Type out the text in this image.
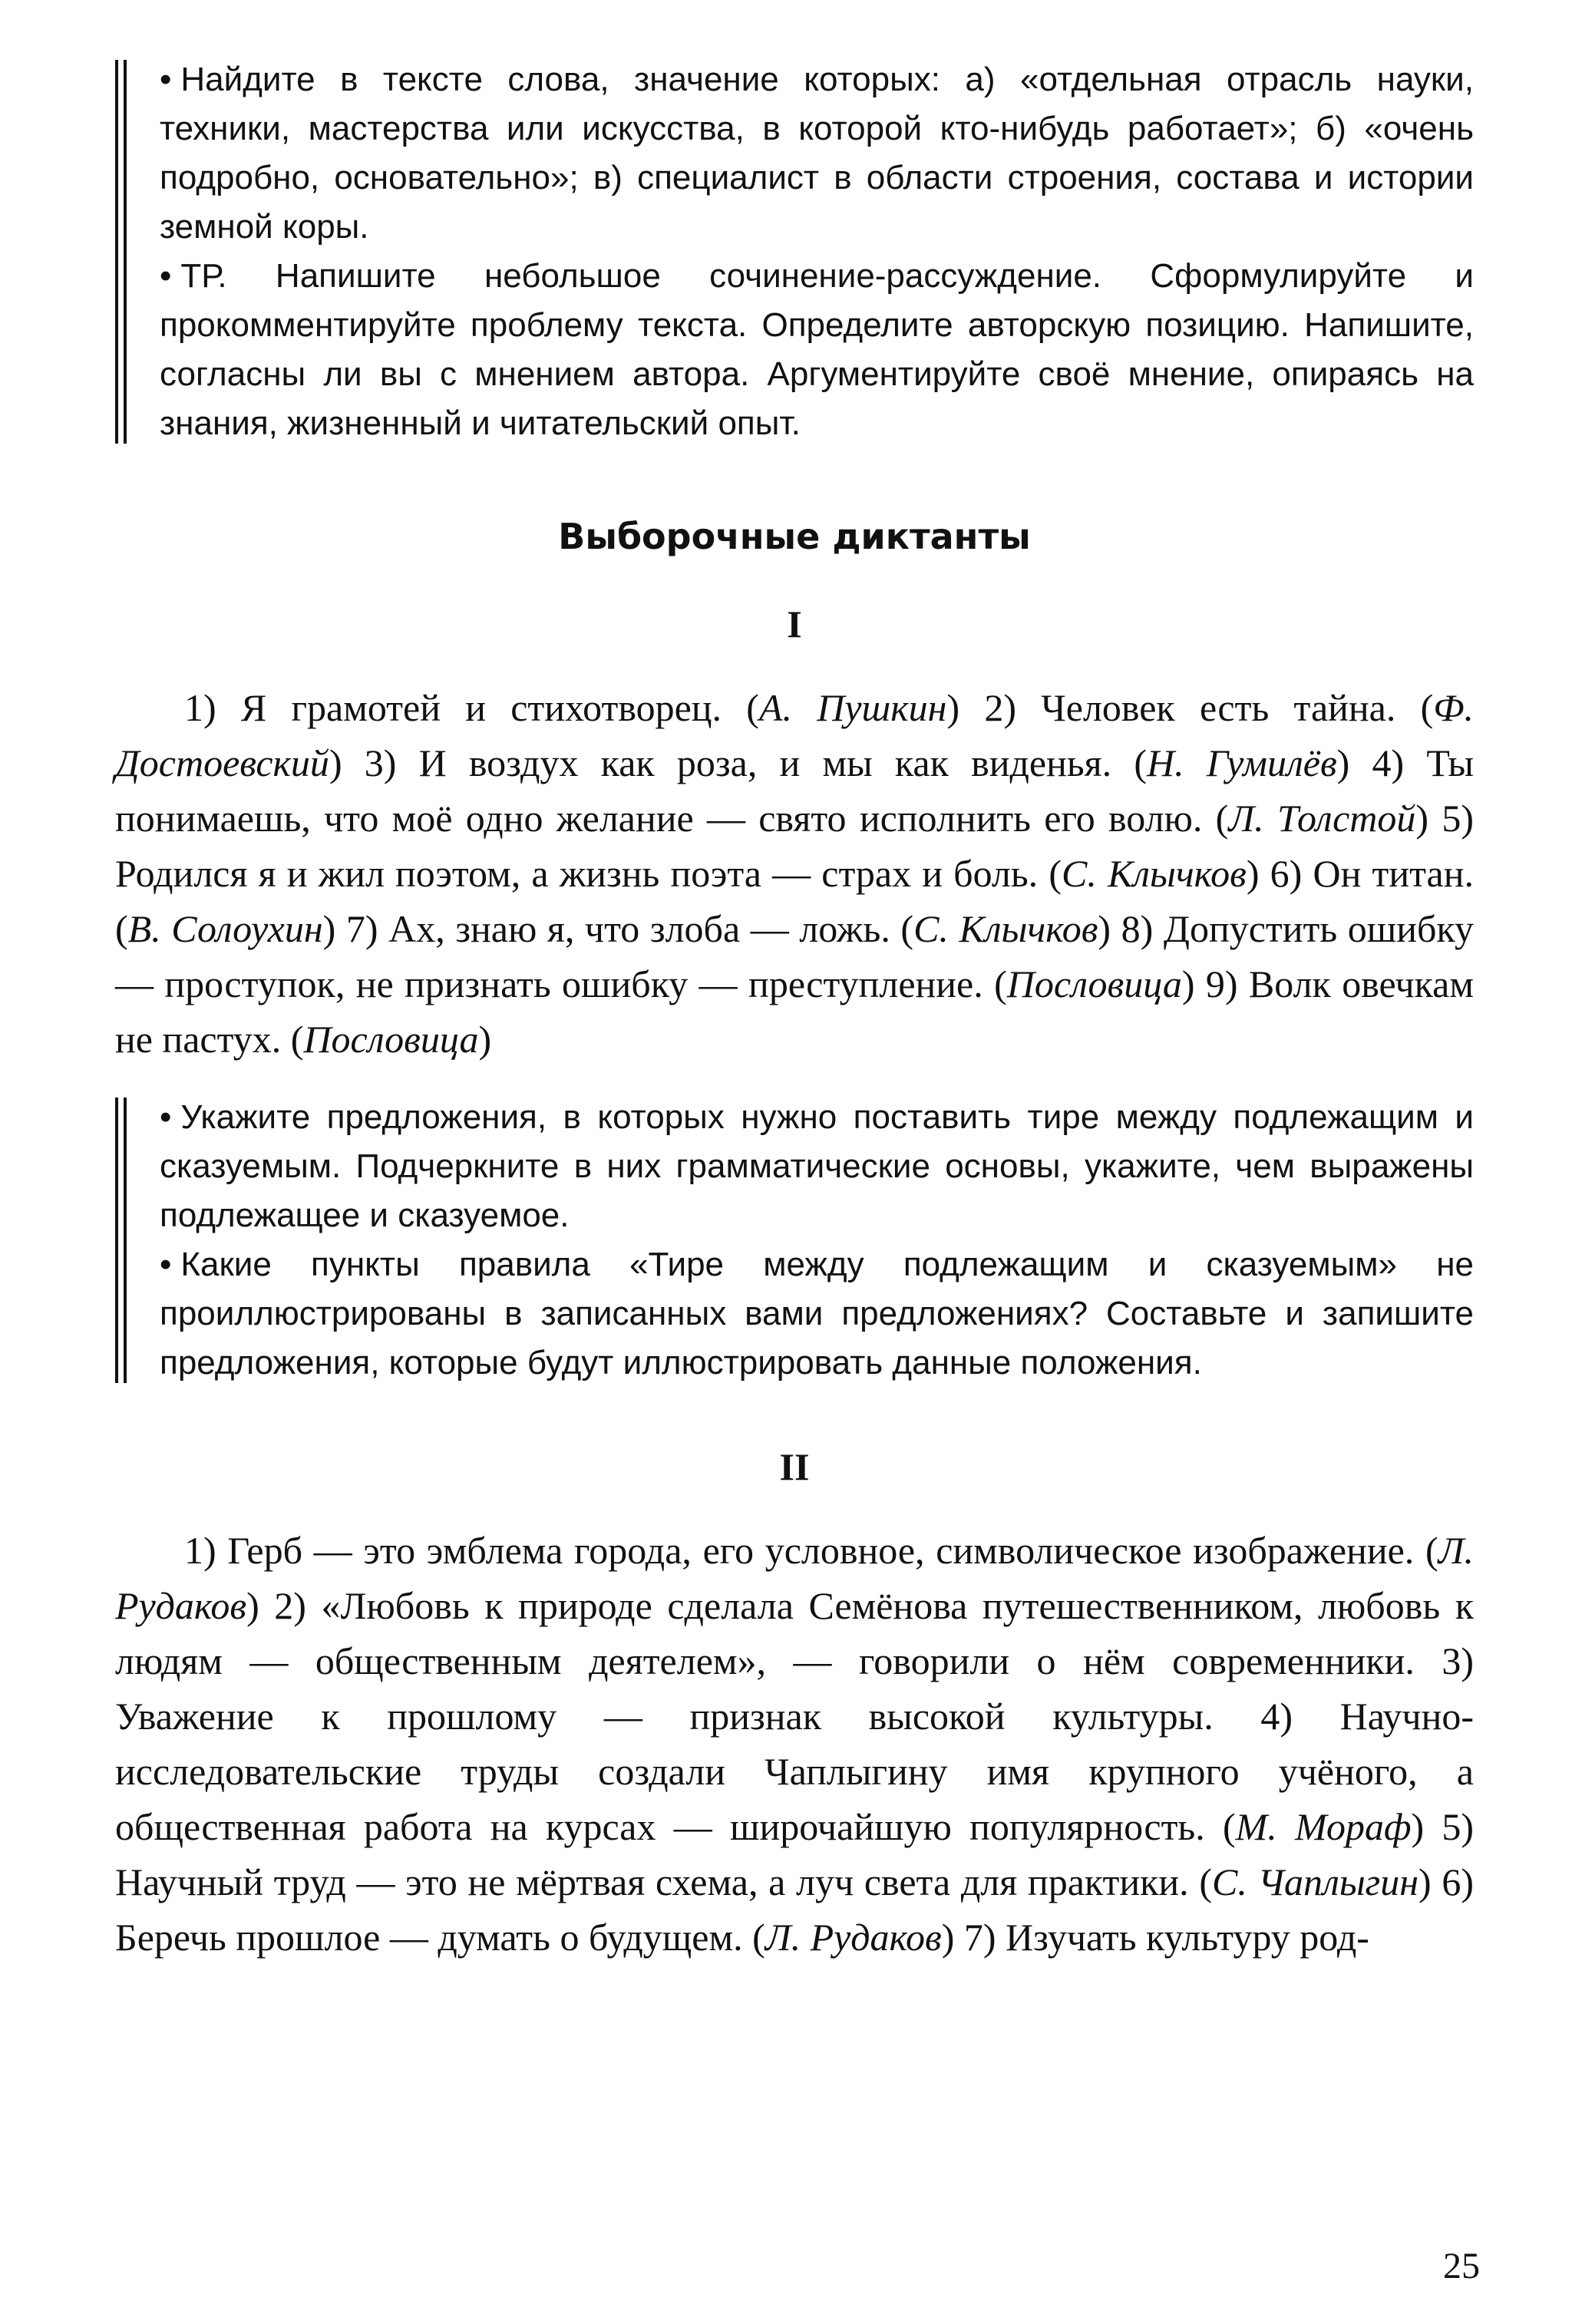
• Найдите в тексте слова, значение которых: а) «отдельная отрасль науки, техники, мастерства или искусства, в которой кто-нибудь работает»; б) «очень подробно, основательно»; в) специалист в области строения, состава и истории земной коры.

• ТР. Напишите небольшое сочинение-рассуждение. Сформулируйте и прокомментируйте проблему текста. Определите авторскую позицию. Напишите, согласны ли вы с мнением автора. Аргументируйте своё мнение, опираясь на знания, жизненный и читательский опыт.

Выборочные диктанты

I

1) Я грамотей и стихотворец. (А. Пушкин) 2) Человек есть тайна. (Ф. Достоевский) 3) И воздух как роза, и мы как виденья. (Н. Гумилёв) 4) Ты понимаешь, что моё одно желание — свято исполнить его волю. (Л. Толстой) 5) Родился я и жил поэтом, а жизнь поэта — страх и боль. (С. Клычков) 6) Он титан. (В. Солоухин) 7) Ах, знаю я, что злоба — ложь. (С. Клычков) 8) Допустить ошибку — проступок, не признать ошибку — преступление. (Пословица) 9) Волк овечкам не пастух. (Пословица)

• Укажите предложения, в которых нужно поставить тире между подлежащим и сказуемым. Подчеркните в них грамматические основы, укажите, чем выражены подлежащее и сказуемое.

• Какие пункты правила «Тире между подлежащим и сказуемым» не проиллюстрированы в записанных вами предложениях? Составьте и запишите предложения, которые будут иллюстрировать данные положения.

II

1) Герб — это эмблема города, его условное, символическое изображение. (Л. Рудаков) 2) «Любовь к природе сделала Семёнова путешественником, любовь к людям — общественным деятелем», — говорили о нём современники. 3) Уважение к прошлому — признак высокой культуры. 4) Научно-исследовательские труды создали Чаплыгину имя крупного учёного, а общественная работа на курсах — широчайшую популярность. (М. Мораф) 5) Научный труд — это не мёртвая схема, а луч света для практики. (С. Чаплыгин) 6) Беречь прошлое — думать о будущем. (Л. Рудаков) 7) Изучать культуру род-

25
